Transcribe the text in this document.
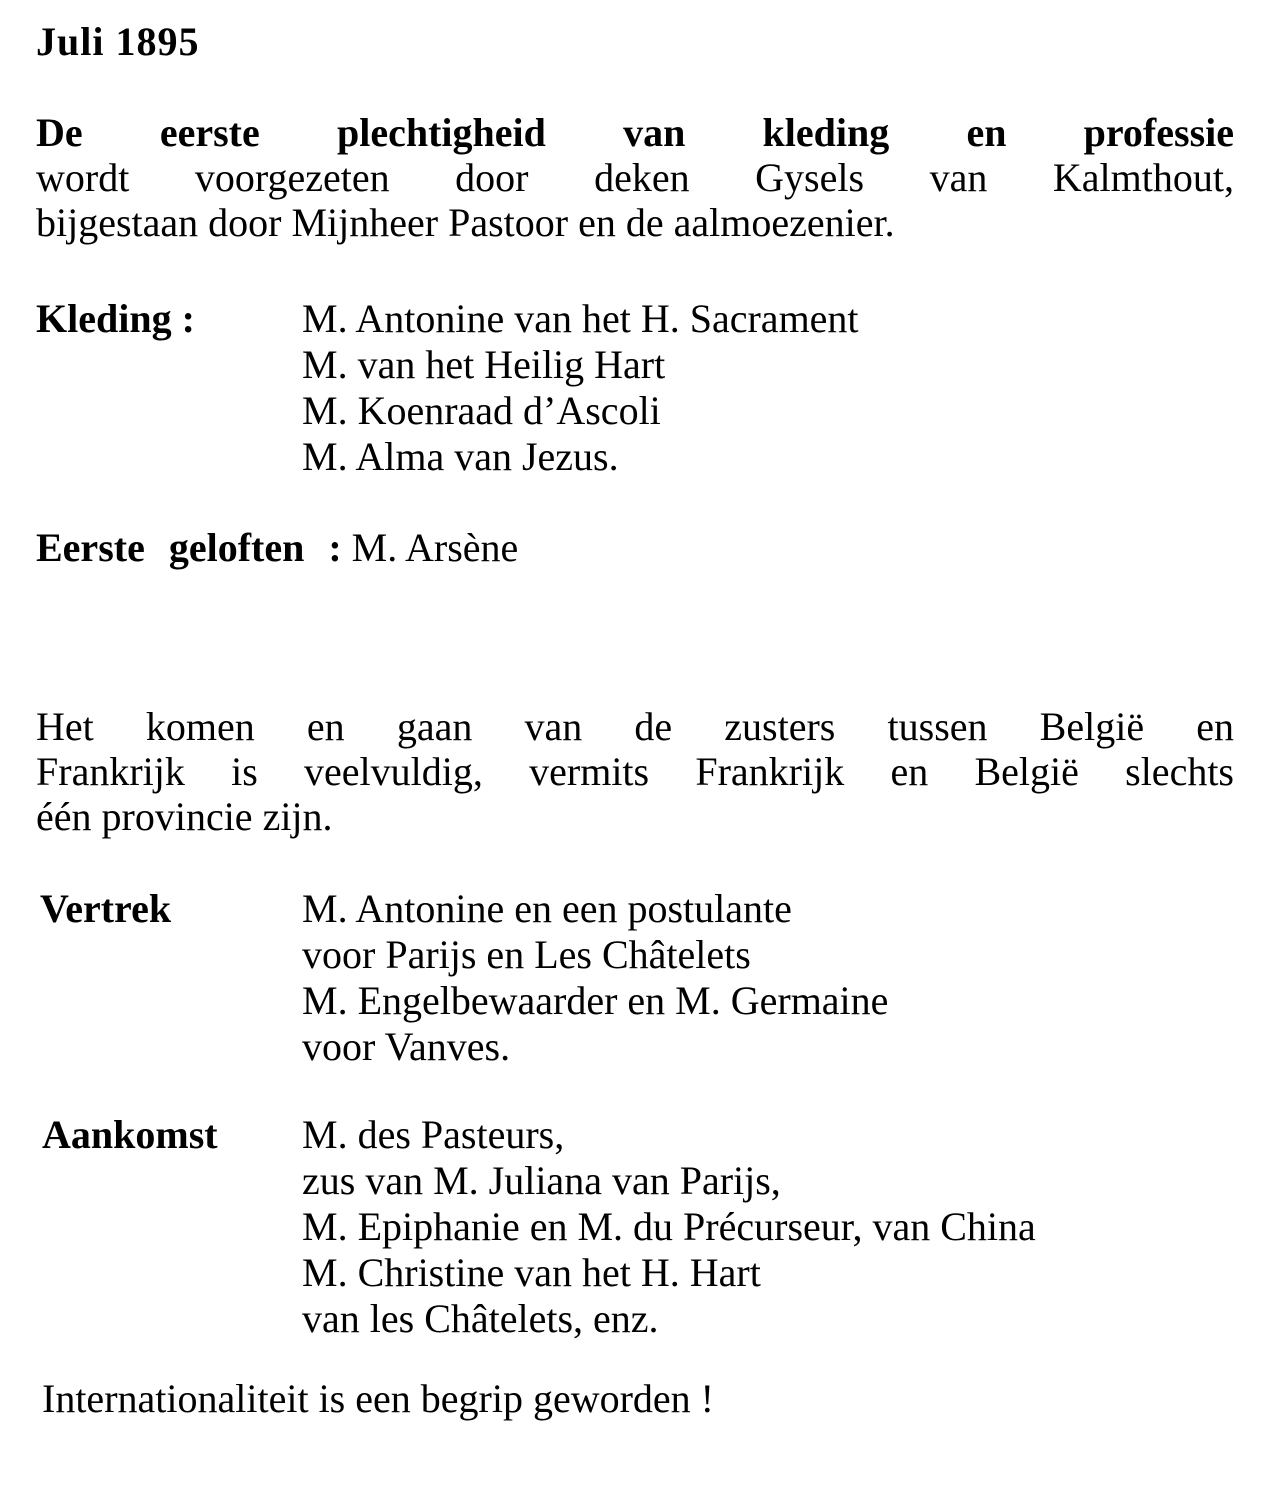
Juli 1895
De eerste plechtigheid van kleding en professie
wordt voorgezeten door deken Gysels van Kalmthout,
bijgestaan door Mijnheer Pastoor en de aalmoezenier.
Kleding :	M. Antonine van het H. Sacrament
M. van het Heilig Hart
M. Koenraad d’Ascoli
M. Alma van Jezus.
Eerste geloften : M. Arsène
Het komen en gaan van de zusters tussen België en
Frankrijk is veelvuldig, vermits Frankrijk en België slechts
één provincie zijn.
Vertrek	M. Antonine en een postulante
voor Parijs en Les Châtelets
M. Engelbewaarder en M. Germaine
voor Vanves.
Aankomst M. des Pasteurs,
zus van M. Juliana van Parijs,
M. Epiphanie en M. du Précurseur, van China
M. Christine van het H. Hart
van les Châtelets, enz.
Internationaliteit is een begrip geworden !
